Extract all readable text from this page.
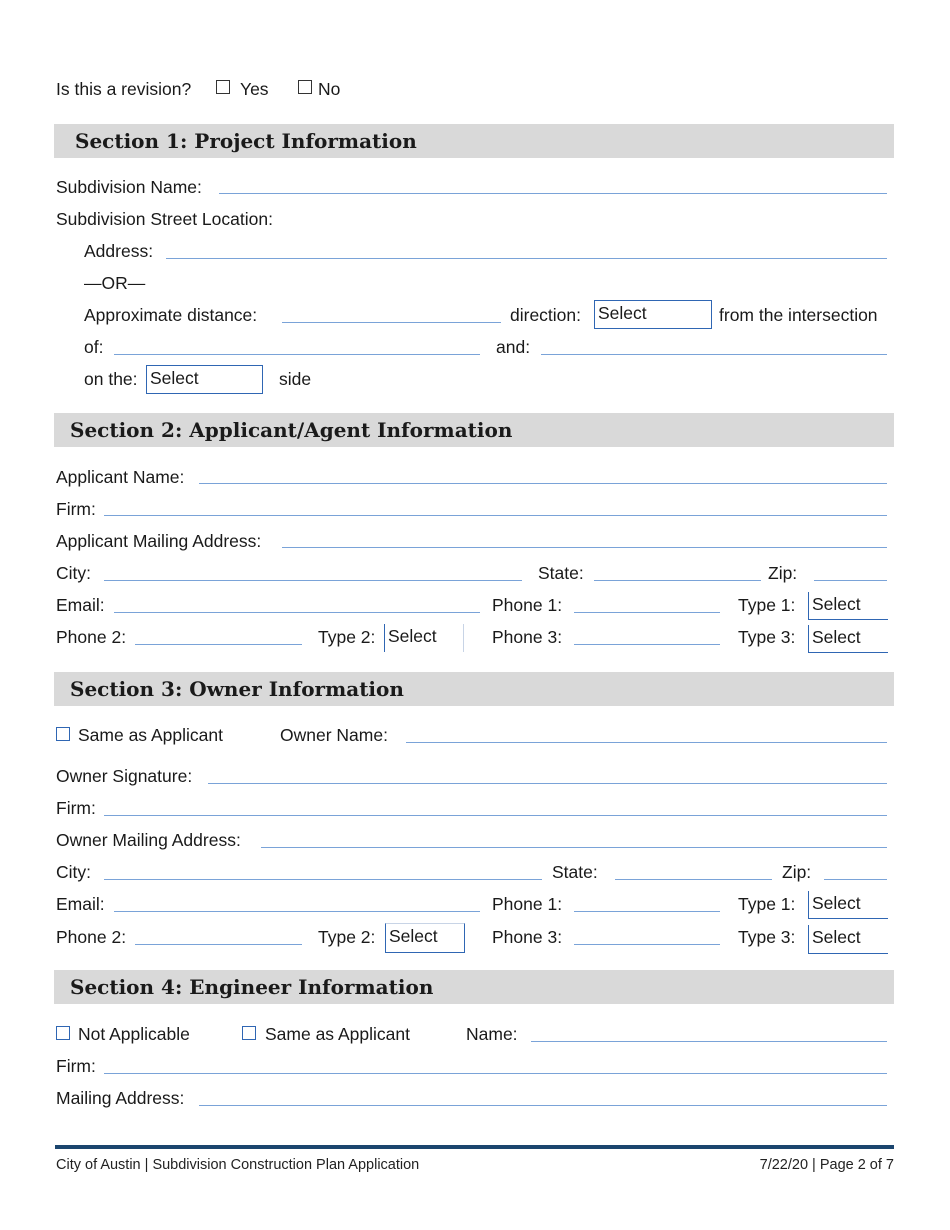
Is this a revision?	Yes	No
Section 1: Project Information
Subdivision Name:
Subdivision Street Location:
Address:
—OR—
Approximate distance:	direction: Select	from the intersection
of:	and:
on the: Select	side
Section 2: Applicant/Agent Information
Applicant Name:
Firm:
Applicant Mailing Address:
City:	State:	Zip:
Email:	Phone 1:	Type 1: Select
Phone 2:	Type 2: Select	Phone 3:	Type 3: Select
Section 3: Owner Information
Same as Applicant	Owner Name:
Owner Signature:
Firm:
Owner Mailing Address:
City:	State:	Zip:
Email:	Phone 1:	Type 1: Select
Phone 2:	Type 2: Select	Phone 3:	Type 3: Select
Section 4: Engineer Information
Not Applicable	Same as Applicant	Name:
Firm:
Mailing Address:
City of Austin | Subdivision Construction Plan Application	7/22/20 | Page 2 of 7
